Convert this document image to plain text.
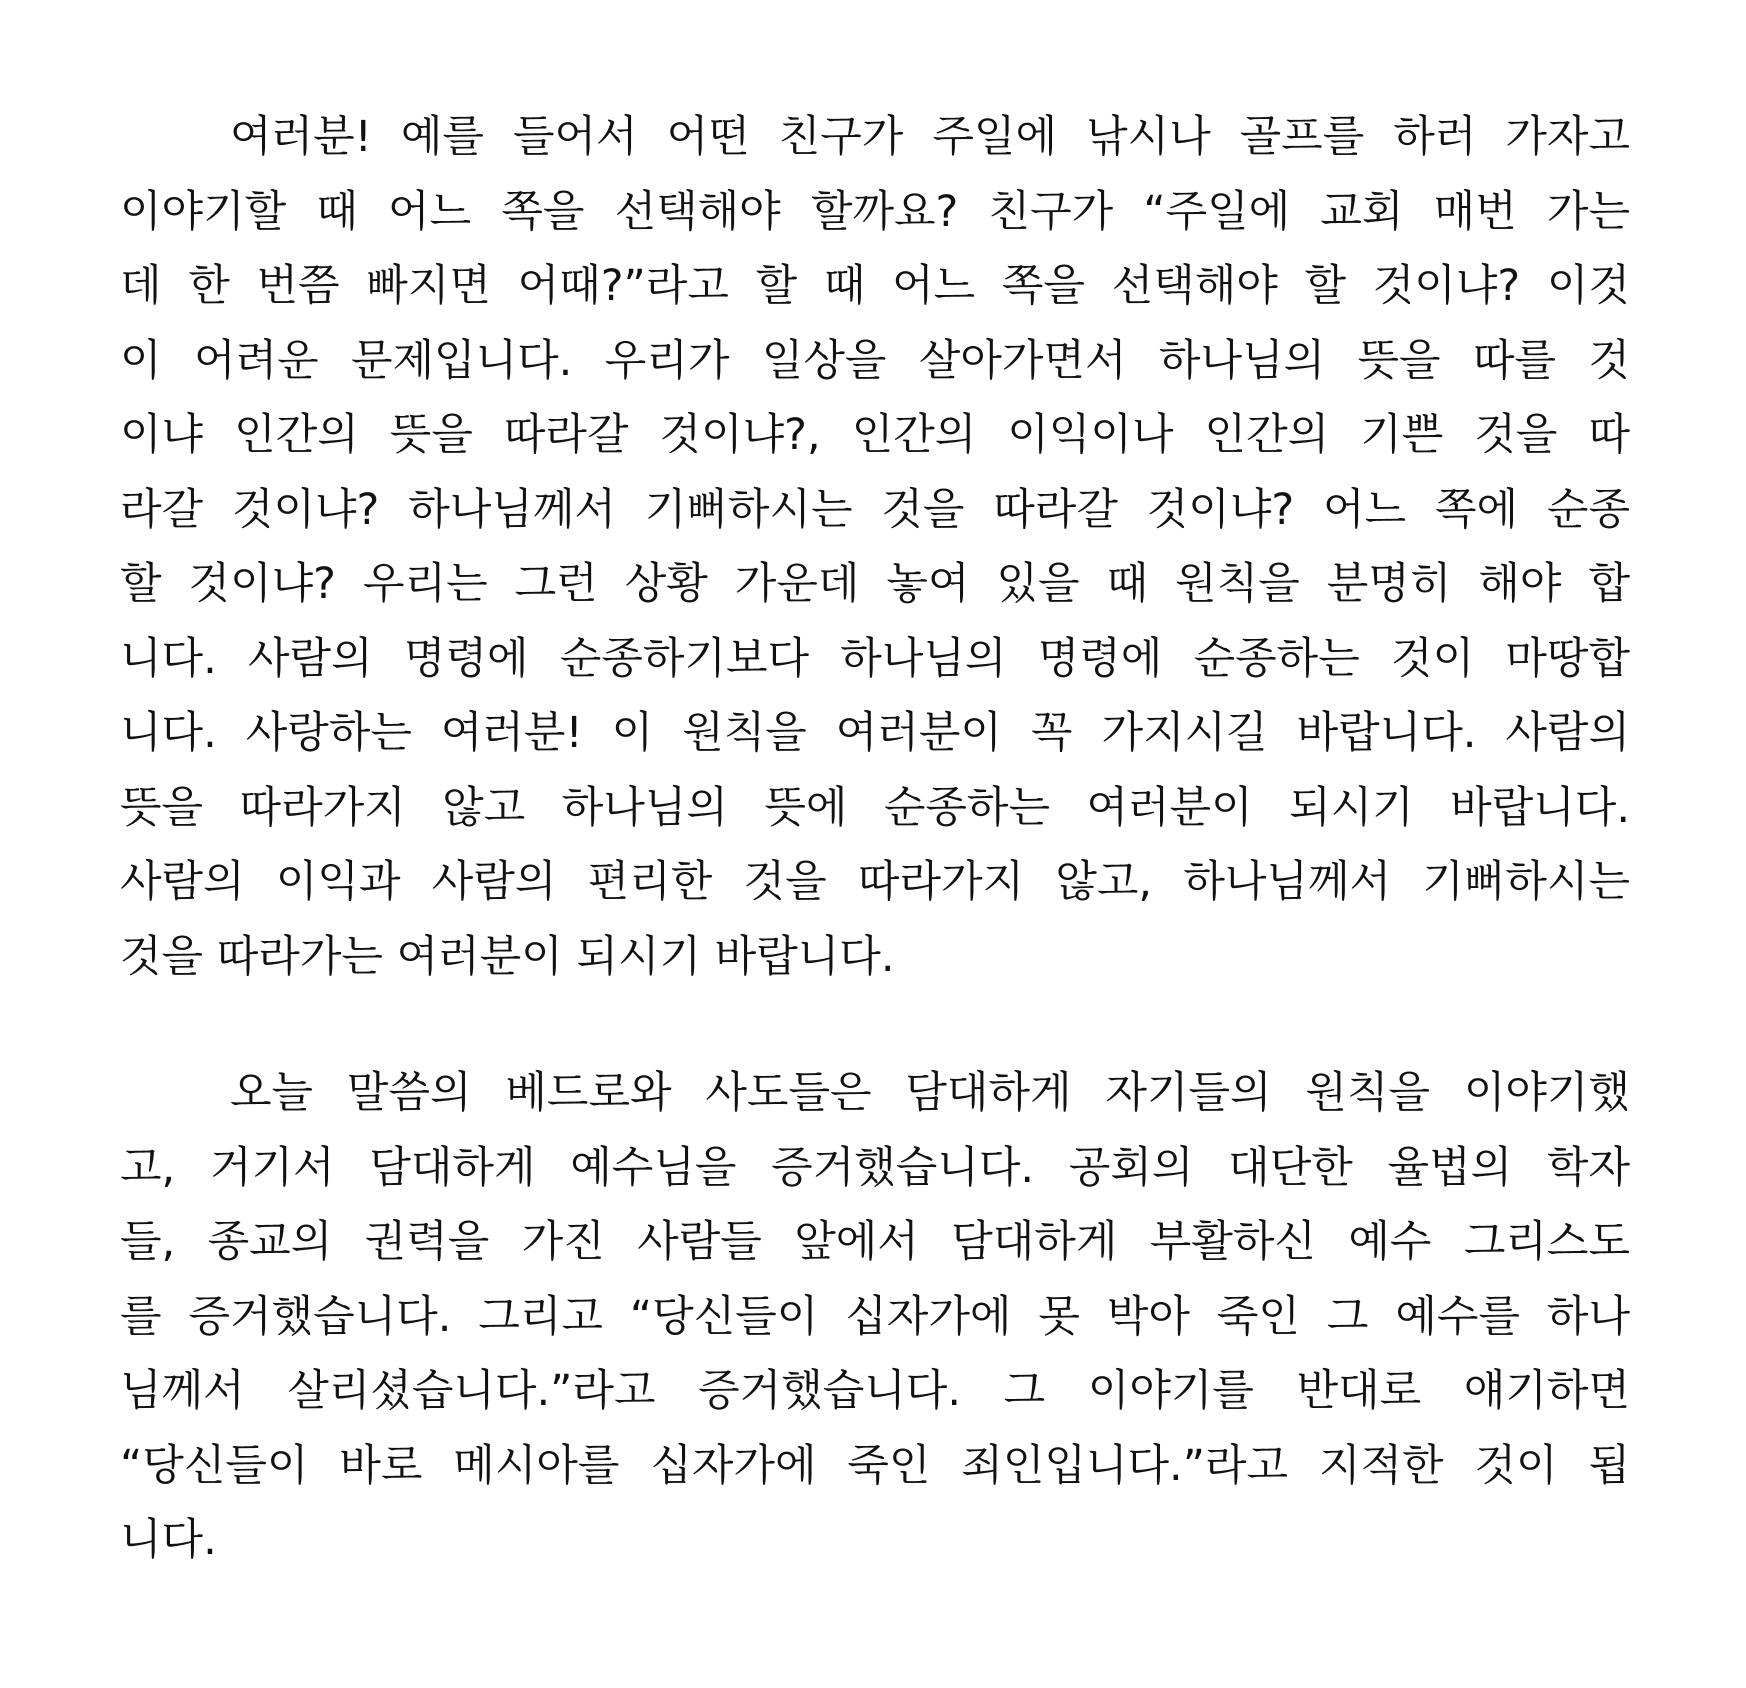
여러분! 예를 들어서 어떤 친구가 주일에 낚시나 골프를 하러 가자고
이야기할 때 어느 쪽을 선택해야 할까요? 친구가 “주일에 교회 매번 가는
데 한 번쯤 빠지면 어때?”라고 할 때 어느 쪽을 선택해야 할 것이냐? 이것
이 어려운 문제입니다. 우리가 일상을 살아가면서 하나님의 뜻을 따를 것
이냐 인간의 뜻을 따라갈 것이냐?, 인간의 이익이나 인간의 기쁜 것을 따
라갈 것이냐? 하나님께서 기뻐하시는 것을 따라갈 것이냐? 어느 쪽에 순종
할 것이냐? 우리는 그런 상황 가운데 놓여 있을 때 원칙을 분명히 해야 합
니다. 사람의 명령에 순종하기보다 하나님의 명령에 순종하는 것이 마땅합
니다. 사랑하는 여러분! 이 원칙을 여러분이 꼭 가지시길 바랍니다. 사람의
뜻을 따라가지 않고 하나님의 뜻에 순종하는 여러분이 되시기 바랍니다.
사람의 이익과 사람의 편리한 것을 따라가지 않고, 하나님께서 기뻐하시는
것을 따라가는 여러분이 되시기 바랍니다.
오늘 말씀의 베드로와 사도들은 담대하게 자기들의 원칙을 이야기했
고, 거기서 담대하게 예수님을 증거했습니다. 공회의 대단한 율법의 학자
들, 종교의 권력을 가진 사람들 앞에서 담대하게 부활하신 예수 그리스도
를 증거했습니다. 그리고 “당신들이 십자가에 못 박아 죽인 그 예수를 하나
님께서 살리셨습니다.”라고 증거했습니다. 그 이야기를 반대로 얘기하면
“당신들이 바로 메시아를 십자가에 죽인 죄인입니다.”라고 지적한 것이 됩
니다.
